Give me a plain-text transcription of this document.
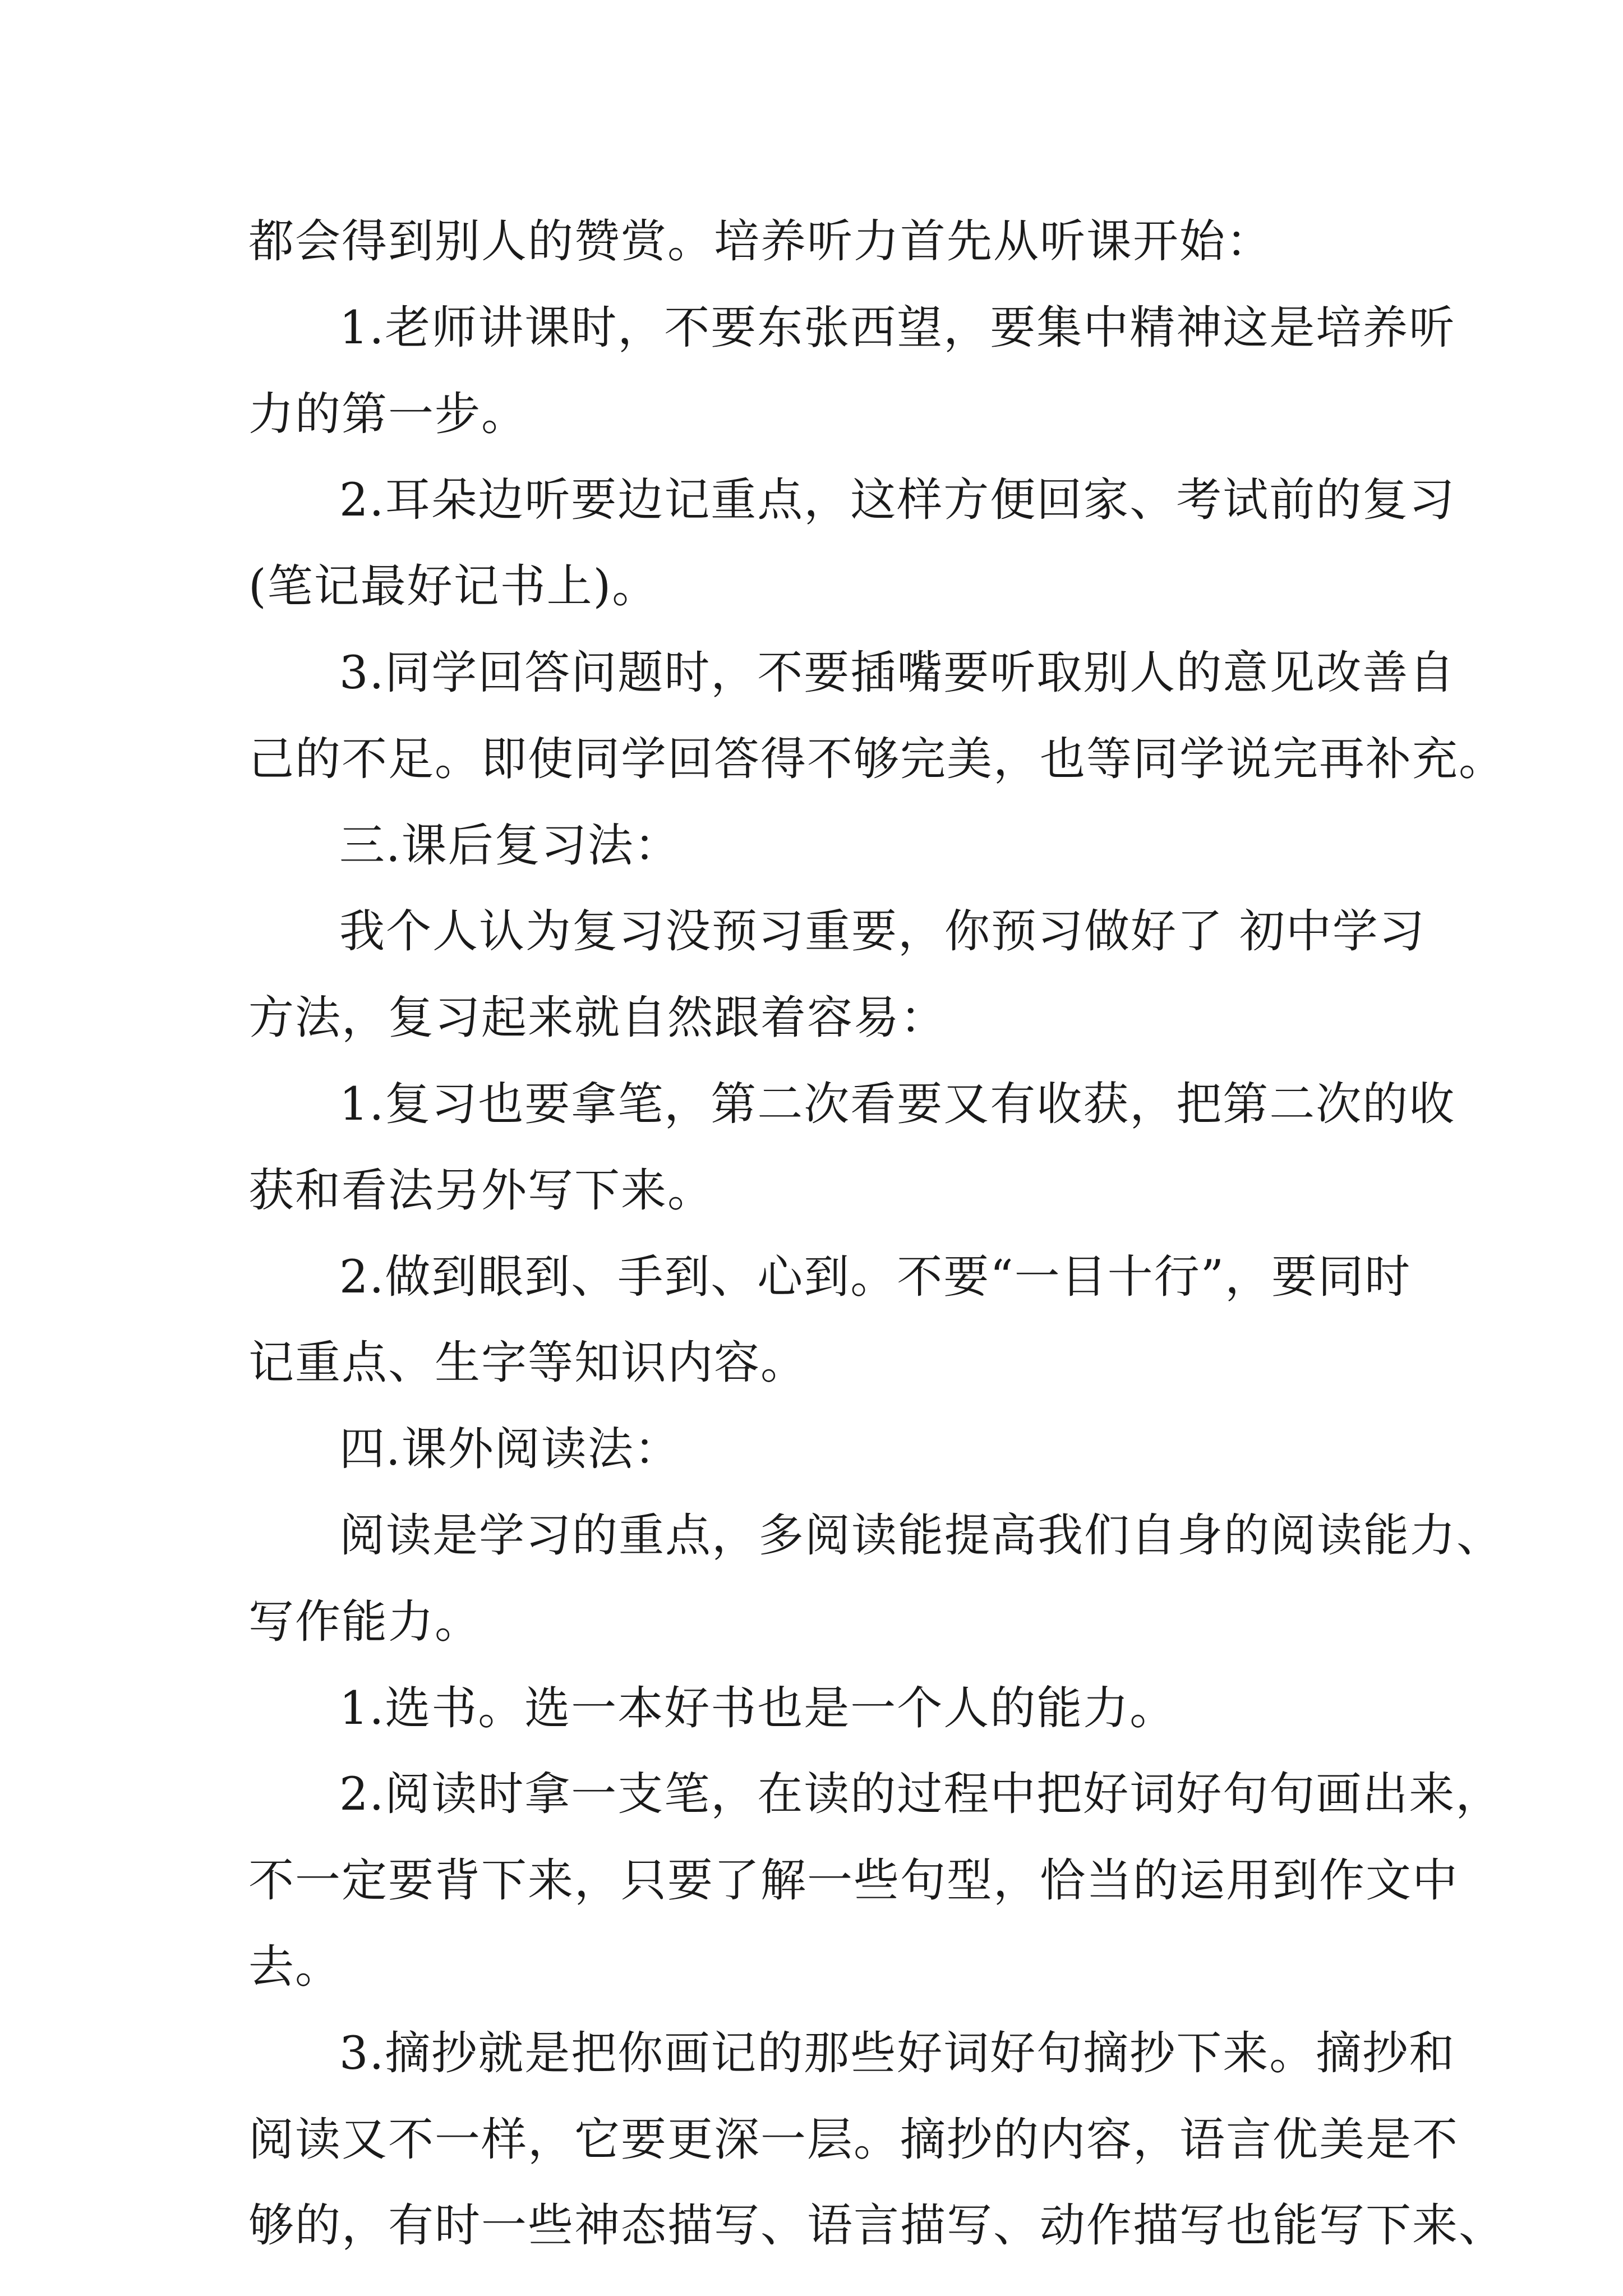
都会得到别人的赞赏。培养听力首先从听课开始：
1.老师讲课时，不要东张西望，要集中精神这是培养听
力的第一步。
2.耳朵边听要边记重点，这样方便回家、考试前的复习
(笔记最好记书上)。
3.同学回答问题时，不要插嘴要听取别人的意见改善自
己的不足。即使同学回答得不够完美，也等同学说完再补充。
三.课后复习法：
我个人认为复习没预习重要，你预习做好了 初中学习
方法，复习起来就自然跟着容易：
1.复习也要拿笔，第二次看要又有收获，把第二次的收
获和看法另外写下来。
2.做到眼到、手到、心到。不要“一目十行”，要同时
记重点、生字等知识内容。
四.课外阅读法：
阅读是学习的重点，多阅读能提高我们自身的阅读能力、
写作能力。
1.选书。选一本好书也是一个人的能力。
2.阅读时拿一支笔，在读的过程中把好词好句句画出来，
不一定要背下来，只要了解一些句型，恰当的运用到作文中
去。
3.摘抄就是把你画记的那些好词好句摘抄下来。摘抄和
阅读又不一样，它要更深一层。摘抄的内容，语言优美是不
够的，有时一些神态描写、语言描写、动作描写也能写下来、
